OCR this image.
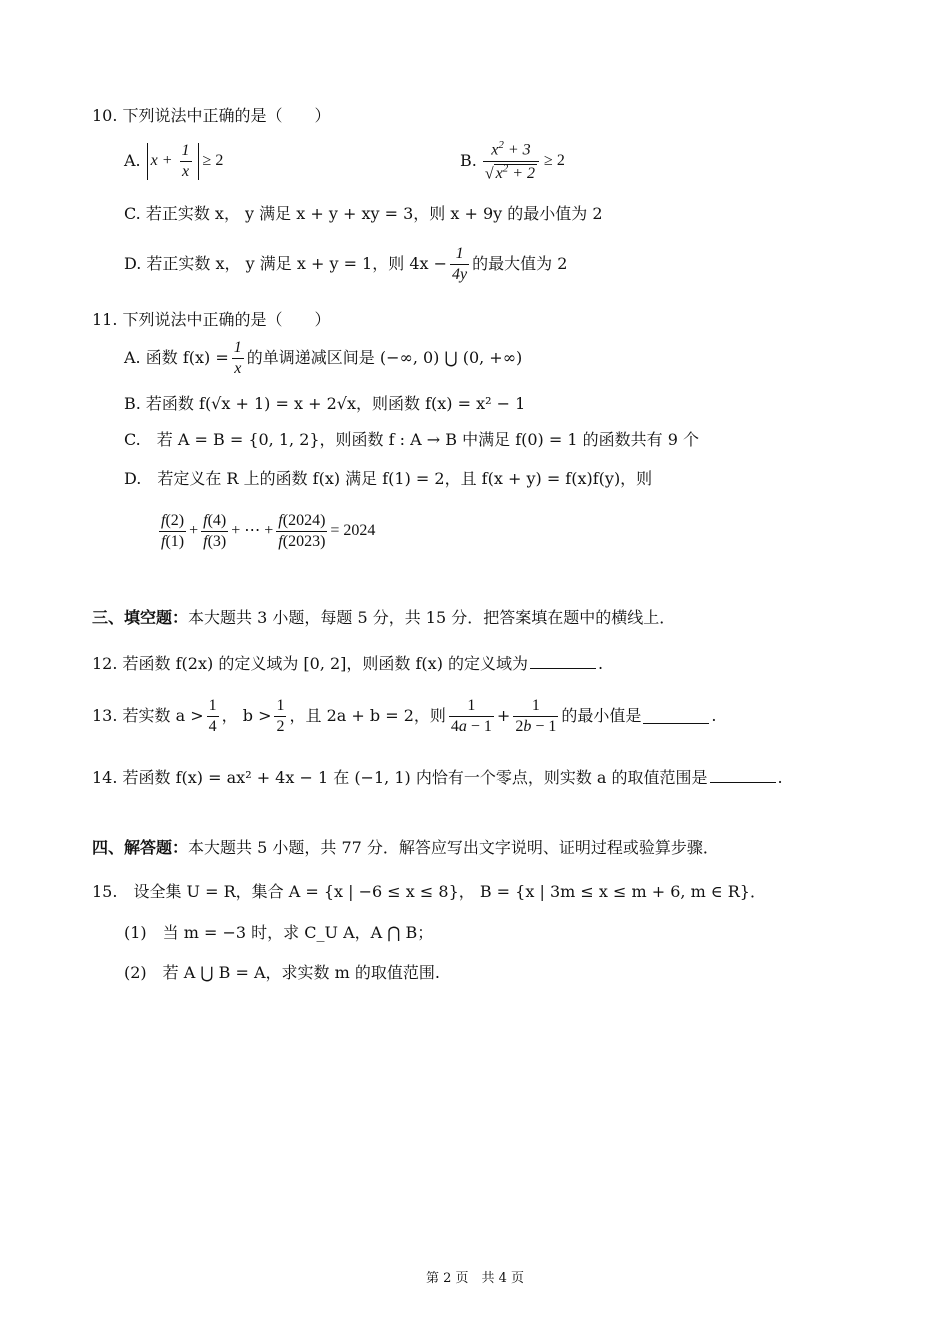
10. 下列说法中正确的是（　　）
A. $x + \frac{1}{x} \ge 2$	B. $\frac{x^2 + 3}{√ x^2 + 2} \ge 2$
C. 若正实数 x， y 满足 x + y + xy = 3，则 x + 9y 的最小值为 2
D. 若正实数 x， y 满足 x + y = 1，则 $4x - \frac{1}{4y}$ 的最大值为 2
11. 下列说法中正确的是（　　）
A. 函数 $f(x) = \frac{1}{x}$ 的单调递减区间是 (−∞, 0) ⋃ (0, +∞)
B. 若函数 f(√x + 1) = x + 2√x，则函数 f(x) = x² − 1
C.　若 A = B = {0, 1, 2}，则函数 f : A → B 中满足 f(0) = 1 的函数共有 9 个
D.　若定义在 R 上的函数 f(x) 满足 f(1) = 2，且 f(x + y) = f(x)f(y)，则
$\frac{f(2)}{f(1)} + \frac{f(4)}{f(3)}$ + ⋯ + $\frac{f(2024)}{f(2023)} = 2024$
三、填空题：本大题共 3 小题，每题 5 分，共 15 分．把答案填在题中的横线上．
12. 若函数 f(2x) 的定义域为 [0, 2]，则函数 f(x) 的定义域为	.
13. 若实数 $a > \frac{1}{4}$ ， $b > \frac{1}{2}$ ，且 2a + b = 2，则 $\frac{1}{4a - 1} + \frac{1}{2b - 1}$ 的最小值是	.
14. 若函数 f(x) = ax² + 4x − 1 在 (−1, 1) 内恰有一个零点，则实数 a 的取值范围是	.
四、解答题：本大题共 5 小题，共 77 分．解答应写出文字说明、证明过程或验算步骤．
15.　设全集 U = R，集合 A = {x | −6 ≤ x ≤ 8}， B = {x | 3m ≤ x ≤ m + 6, m ∈ R}．
(1)　当 m = −3 时，求 C_U A，A ⋂ B；
(2)　若 A ⋃ B = A，求实数 m 的取值范围.
第 2 页　共 4 页
